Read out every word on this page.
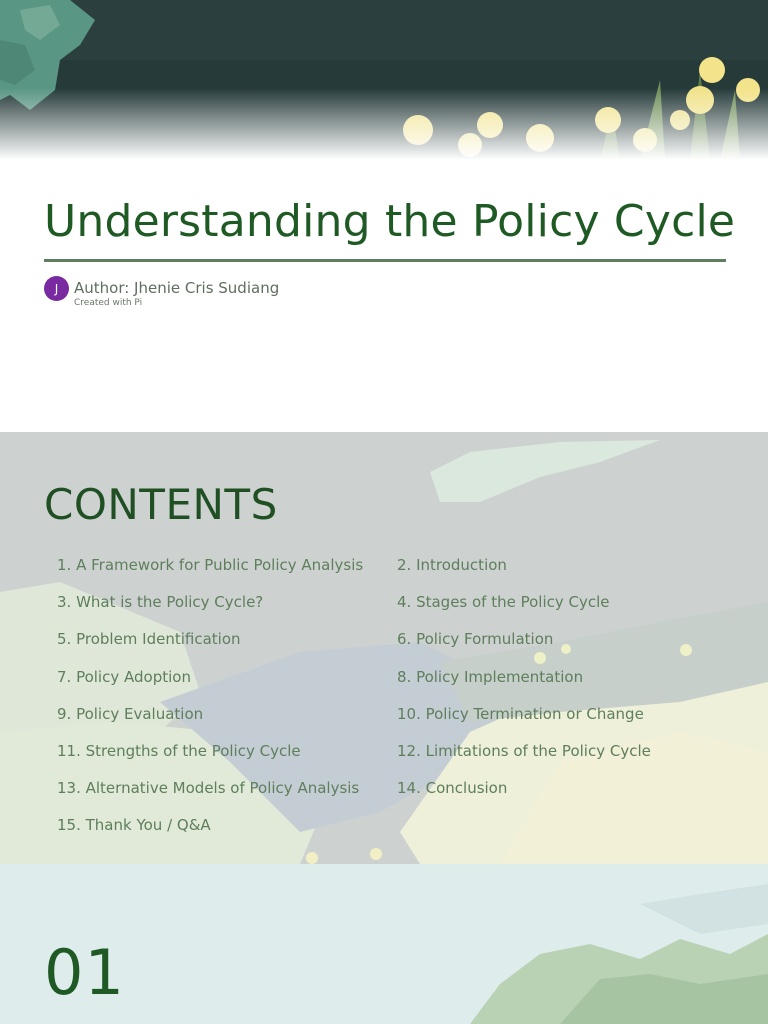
Understanding the Policy Cycle
J	Author: Jhenie Cris Sudiang
Created with Pi
CONTENTS
1. A Framework for Public Policy Analysis	2. Introduction
3. What is the Policy Cycle?	4. Stages of the Policy Cycle
5. Problem Identification	6. Policy Formulation
7. Policy Adoption	8. Policy Implementation
9. Policy Evaluation	10. Policy Termination or Change
11. Strengths of the Policy Cycle	12. Limitations of the Policy Cycle
13. Alternative Models of Policy Analysis	14. Conclusion
15. Thank You / Q&A
01
